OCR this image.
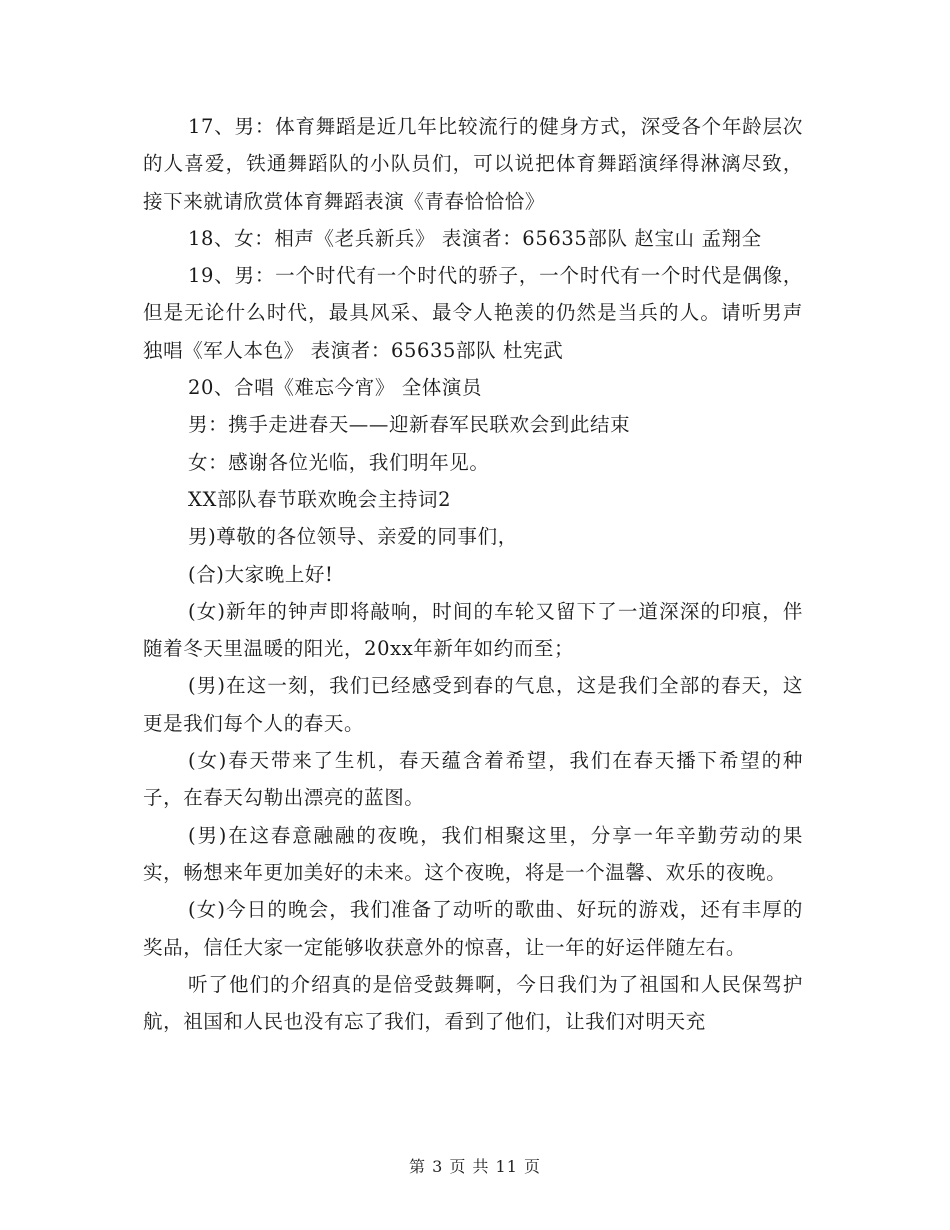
17、男：体育舞蹈是近几年比较流行的健身方式，深受各个年龄层次的人喜爱，铁通舞蹈队的小队员们，可以说把体育舞蹈演绎得淋漓尽致，接下来就请欣赏体育舞蹈表演《青春恰恰恰》

18、女：相声《老兵新兵》 表演者：65635部队 赵宝山 孟翔全

19、男：一个时代有一个时代的骄子，一个时代有一个时代是偶像，但是无论什么时代，最具风采、最令人艳羡的仍然是当兵的人。请听男声独唱《军人本色》 表演者：65635部队 杜宪武

20、合唱《难忘今宵》 全体演员

男：携手走进春天——迎新春军民联欢会到此结束

女：感谢各位光临，我们明年见。

XX部队春节联欢晚会主持词2

男)尊敬的各位领导、亲爱的同事们，

(合)大家晚上好!

(女)新年的钟声即将敲响，时间的车轮又留下了一道深深的印痕，伴随着冬天里温暖的阳光，20xx年新年如约而至；

(男)在这一刻，我们已经感受到春的气息，这是我们全部的春天，这更是我们每个人的春天。

(女)春天带来了生机，春天蕴含着希望，我们在春天播下希望的种子，在春天勾勒出漂亮的蓝图。

(男)在这春意融融的夜晚，我们相聚这里，分享一年辛勤劳动的果实，畅想来年更加美好的未来。这个夜晚，将是一个温馨、欢乐的夜晚。

(女)今日的晚会，我们准备了动听的歌曲、好玩的游戏，还有丰厚的奖品，信任大家一定能够收获意外的惊喜，让一年的好运伴随左右。

听了他们的介绍真的是倍受鼓舞啊，今日我们为了祖国和人民保驾护航，祖国和人民也没有忘了我们，看到了他们，让我们对明天充

第 3 页 共 11 页
